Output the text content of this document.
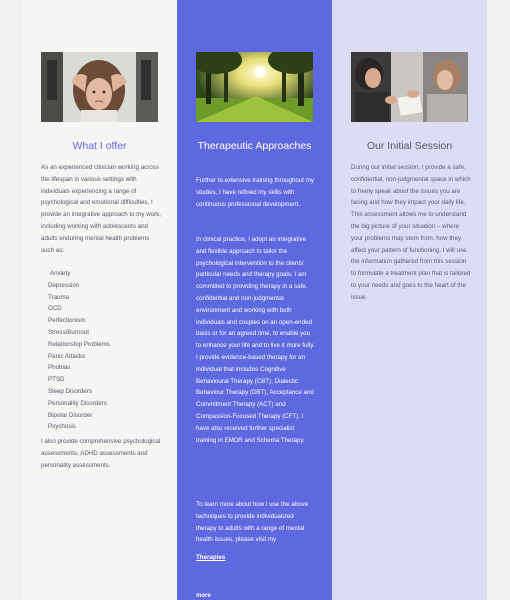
What I offer

As an experienced clinician working across the lifespan in various settings with individuals experiencing a range of psychological and emotional difficulties, I provide an integrative approach to my work, including working with adolescents and adults enduring mental health problems such as:

Anxiety
Depression
Trauma
OCD
Perfectionism
Stress/Burnout
Relationship Problems
Panic Attacks
Phobias
PTSD
Sleep Disorders
Personality Disorders
Bipolar Disorder
Psychosis

I also provide comprehensive psychological assessments, ADHD assessments and personality assessments.

Therapeutic Approaches

Further to extensive training throughout my studies, I have refined my skills with continuous professional development.

In clinical practice, I adopt an integrative and flexible approach to tailor the psychological intervention to the clients' particular needs and therapy goals. I am committed to providing therapy in a safe, confidential and non-judgmental environment and working with both individuals and couples on an open-ended basis or for an agreed time, to enable you to enhance your life and to live it more fully. I provide evidence-based therapy for an individual that includes Cognitive Behavioural Therapy (CBT), Dialectic Behaviour Therapy (DBT), Acceptance and Commitment Therapy (ACT) and Compassion-Focused Therapy (CFT). I have also received further specialist training in EMDR and Schema Therapy.

To learn more about how I use the above techniques to provide individualized therapy to adults with a range of mental health issues, please visit my

Therapies
more
Our Initial Session

During our initial session, I provide a safe, confidential, non-judgmental space in which to freely speak about the issues you are facing and how they impact your daily life. This assessment allows me to understand the big picture of your situation – where your problems may stem from, how they affect your pattern of functioning. I will use the information gathered from this session to formulate a treatment plan that is tailored to your needs and goes to the heart of the issue.
